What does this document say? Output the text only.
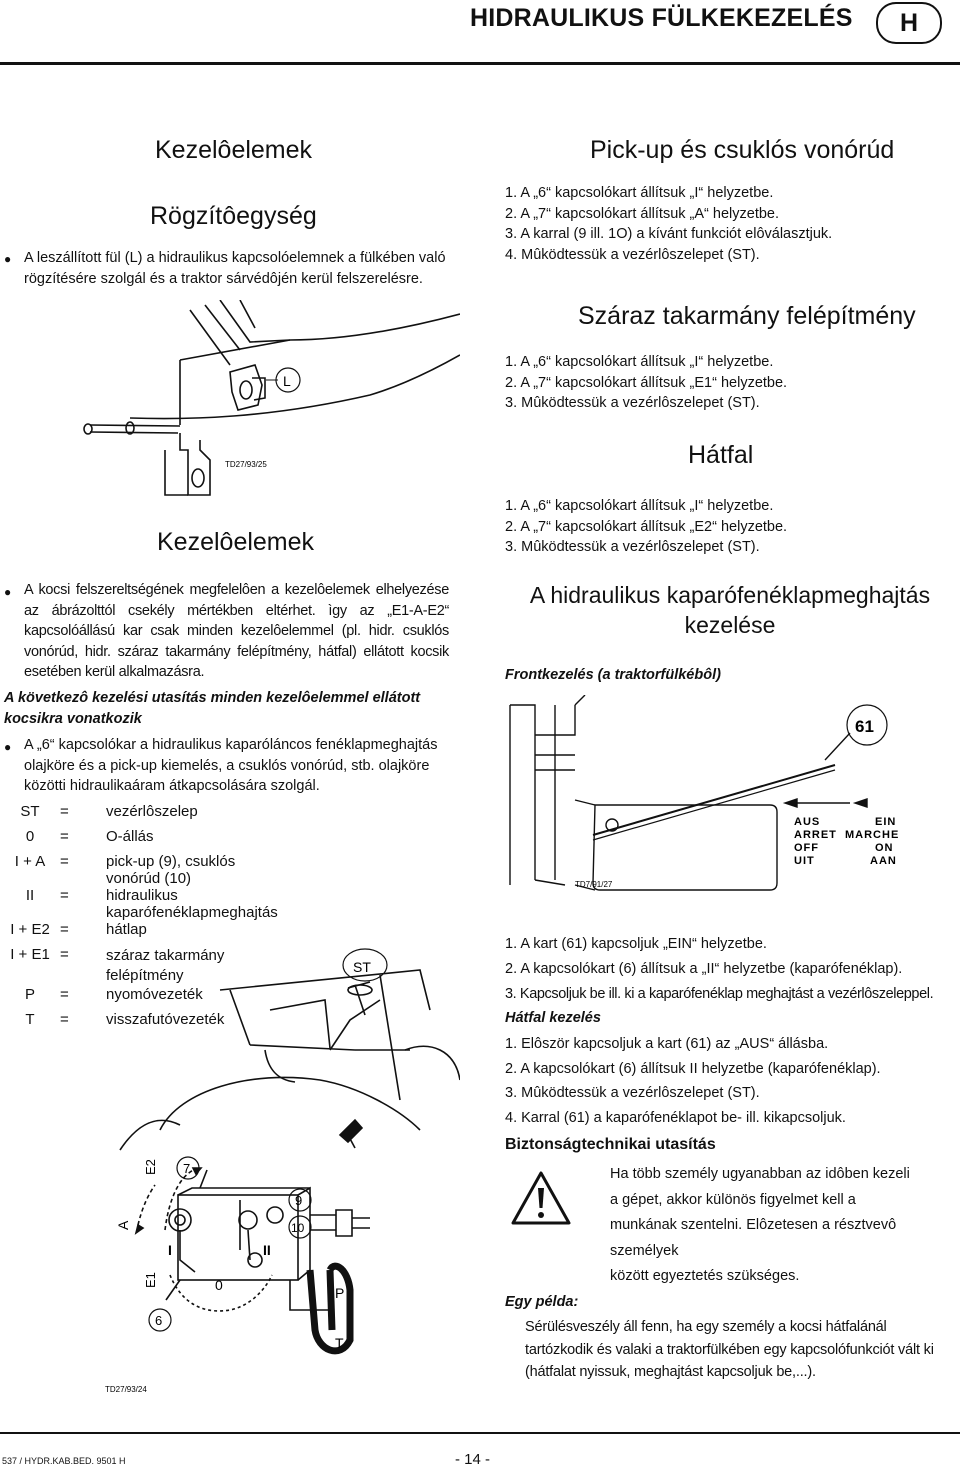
HIDRAULIKUS FÜLKEKEZELÉS	H
Kezelôelemek
Rögzítôegység
● A leszállított fül (L) a hidraulikus kapcsolóelemnek a fülkében való rögzítésére szolgál és a traktor sárvédôjén kerül felszerelésre.
L
TD27/93/25
Kezelôelemek
● A kocsi felszereltségének megfelelôen a kezelôelemek elhelyezése az ábrázolttól csekély mértékben eltérhet. ìgy az „E1-A-E2“ kapcsolóállású kar csak minden kezelôelemmel (pl. hidr. csuklós vonórúd, hidr. száraz takarmány felépítmény, hátfal) ellátott kocsik esetében kerül alkalmazásra.
A következô kezelési utasítás minden kezelôelemmel ellátott kocsikra vonatkozik
● A „6“ kapcsolókar a hidraulikus kaparóláncos fenéklapmeghajtás olajköre és a pick-up kiemelés, a csuklós vonórúd, stb. olajköre közötti hidraulikaáram átkapcsolására szolgál.
ST	=	vezérlôszelep
0	=	O-állás
I + A	=	pick-up (9), csuklós vonórúd (10)
II	=	hidraulikus kaparófenéklapmeghajtás
I + E2	=	hátlap
I + E1	=	száraz takarmány felépítmény
P	=	nyomóvezeték
T	=	visszafutóvezeték
ST
E2
A
E1
7
9
10
I	II
0
6
P
T
TD27/93/24
Pick-up és csuklós vonórúd
1. A „6“ kapcsolókart állítsuk „I“ helyzetbe.
2. A „7“ kapcsolókart állítsuk „A“ helyzetbe.
3. A karral (9 ill. 1O) a kívánt funkciót elôválasztjuk.
4. Mûködtessük a vezérlôszelepet (ST).
Száraz takarmány felépítmény
1. A „6“ kapcsolókart állítsuk „I“ helyzetbe.
2. A „7“ kapcsolókart állítsuk „E1“ helyzetbe.
3. Mûködtessük a vezérlôszelepet (ST).
Hátfal
1. A „6“ kapcsolókart állítsuk „I“ helyzetbe.
2. A „7“ kapcsolókart állítsuk „E2“ helyzetbe.
3. Mûködtessük a vezérlôszelepet (ST).
A hidraulikus kaparófenéklapmeghajtás
kezelése
Frontkezelés (a traktorfülkébôl)
61
AUS
ARRET
OFF
UIT
EIN
MARCHE
ON
AAN
TD7/91/27
1. A kart (61) kapcsoljuk „EIN“ helyzetbe.
2. A kapcsolókart (6) állítsuk a „II“ helyzetbe (kaparófenéklap).
3. Kapcsoljuk be ill. ki a kaparófenéklap meghajtást a vezérlôszeleppel.
Hátfal kezelés
1. Elôször kapcsoljuk a kart (61) az „AUS“ állásba.
2. A kapcsolókart (6) állítsuk II helyzetbe (kaparófenéklap).
3. Mûködtessük a vezérlôszelepet (ST).
4. Karral (61) a kaparófenéklapot be- ill. kikapcsoljuk.
Biztonságtechnikai utasítás
Ha több személy ugyanabban az idôben kezeli
a gépet, akkor különös figyelmet kell a
munkának szentelni. Elôzetesen a résztvevô
személyek
között egyeztetés szükséges.
Egy példa:
Sérülésveszély áll fenn, ha egy személy a kocsi hátfalánál
tartózkodik és valaki a traktorfülkében egy kapcsolófunkciót vált ki
(hátfalat nyissuk, meghajtást kapcsoljuk be,...).
537 / HYDR.KAB.BED. 9501 H	- 14 -
